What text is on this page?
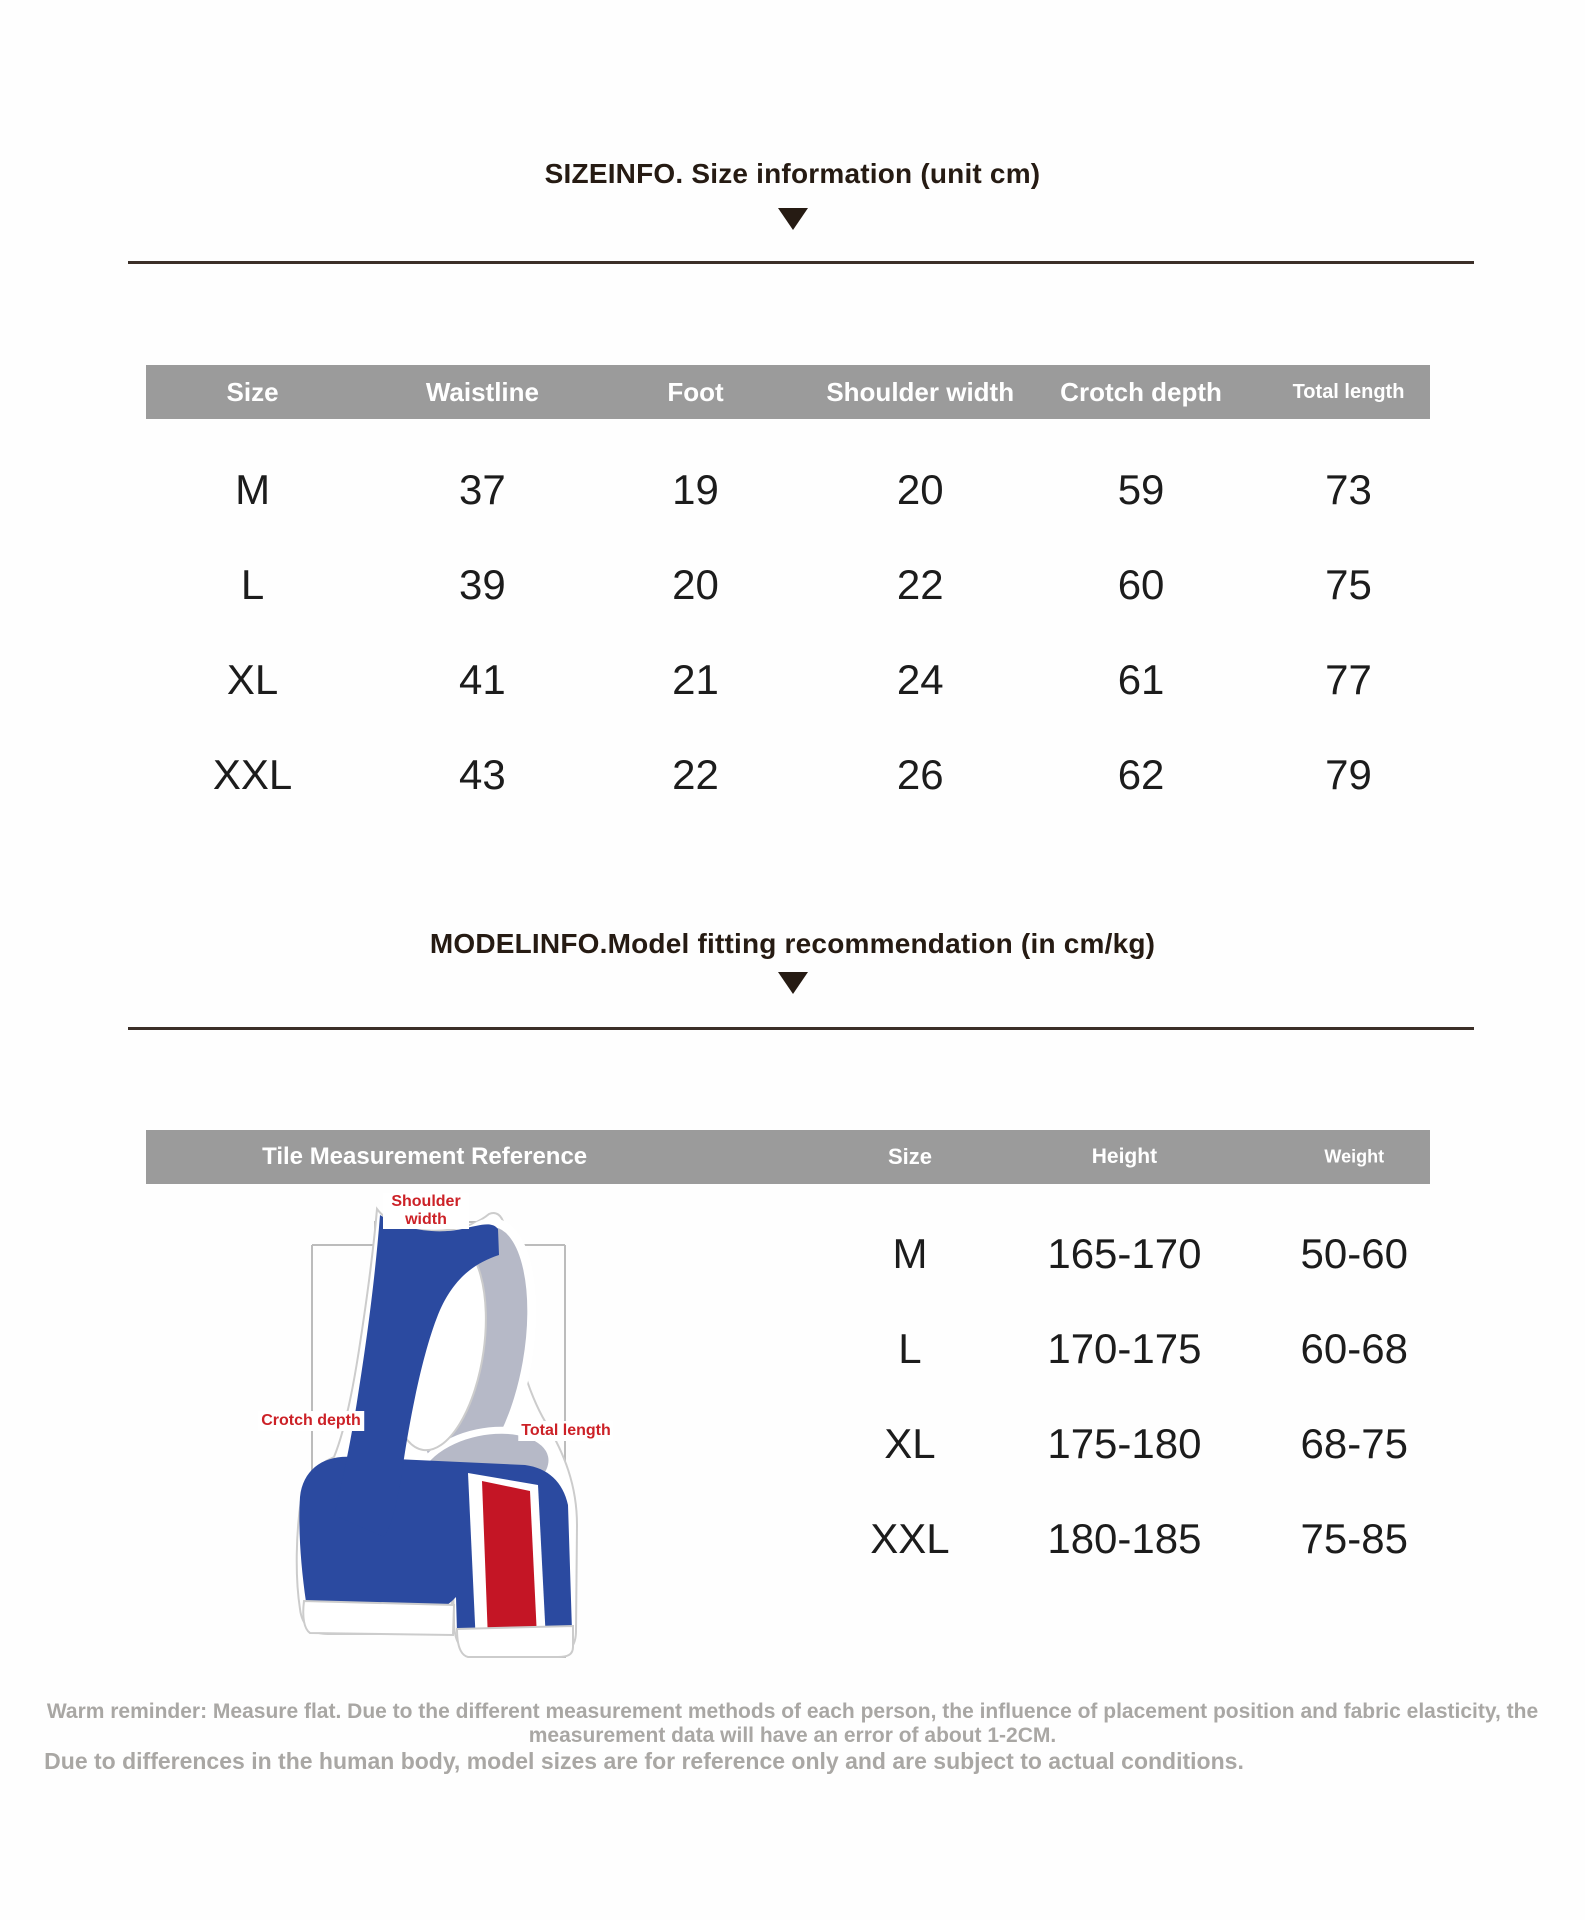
SIZEINFO. Size information (unit cm)
Size	Waistline	Foot	Shoulder width	Crotch depth	Total length
M	37	19	20	59	73
L	39	20	22	60	75
XL	41	21	24	61	77
XXL	43	22	26	62	79
MODELINFO.Model fitting recommendation (in cm/kg)
Tile Measurement Reference	Size	Height	Weight
M	165-170 50-60
L	170-175 60-68
XL	175-180 68-75
XXL 180-185 75-85
Shoulder width
Crotch depth
Total length
Warm reminder: Measure flat. Due to the different measurement methods of each person, the influence of placement position and fabric elasticity, the measurement data will have an error of about 1-2CM.
Due to differences in the human body, model sizes are for reference only and are subject to actual conditions.
